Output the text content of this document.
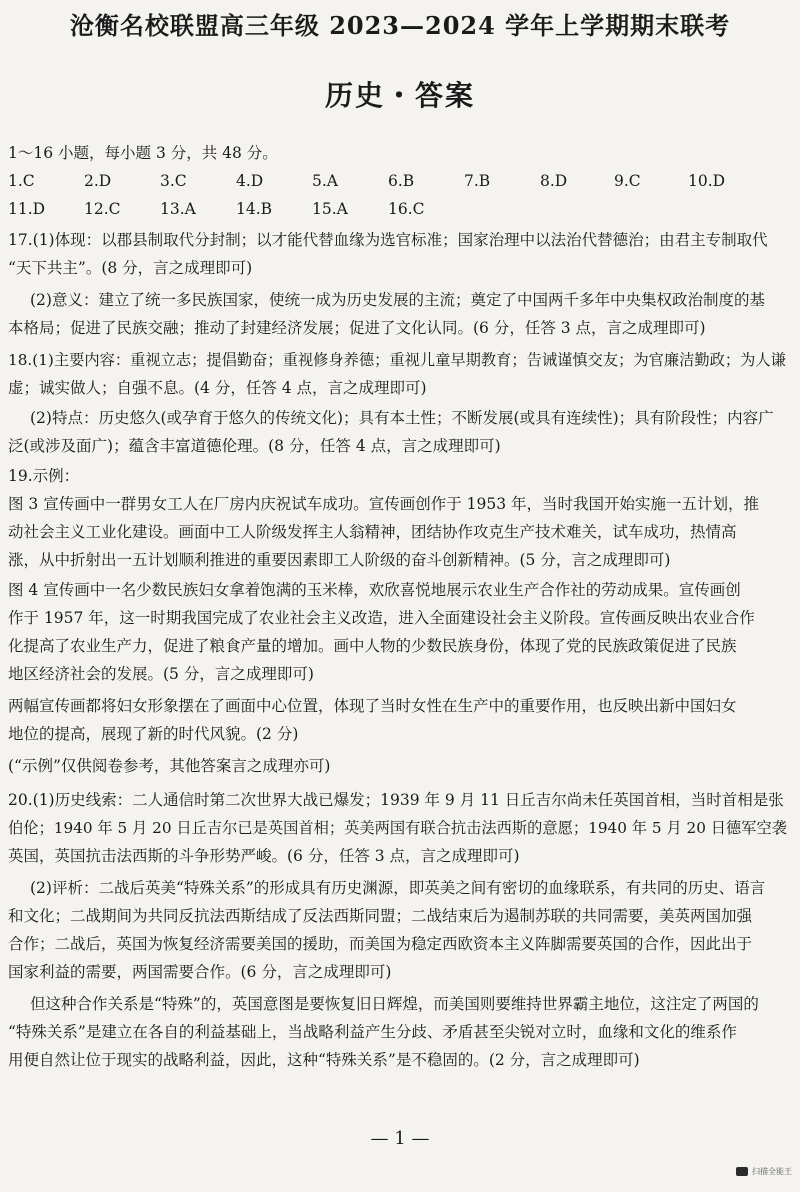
沧衡名校联盟高三年级 2023—2024 学年上学期期末联考
历史・答案
1～16 小题，每小题 3 分，共 48 分。
1.C	2.D	3.C	4.D	5.A	6.B	7.B	8.D	9.C	10.D
11.D	12.C	13.A	14.B	15.A	16.C
17.(1)体现：以郡县制取代分封制；以才能代替血缘为选官标准；国家治理中以法治代替德治；由君主专制取代
“天下共主”。(8 分，言之成理即可)
(2)意义：建立了统一多民族国家，使统一成为历史发展的主流；奠定了中国两千多年中央集权政治制度的基
本格局；促进了民族交融；推动了封建经济发展；促进了文化认同。(6 分，任答 3 点，言之成理即可)
18.(1)主要内容：重视立志；提倡勤奋；重视修身养德；重视儿童早期教育；告诫谨慎交友；为官廉洁勤政；为人谦
虚；诚实做人；自强不息。(4 分，任答 4 点，言之成理即可)
(2)特点：历史悠久(或孕育于悠久的传统文化)；具有本土性；不断发展(或具有连续性)；具有阶段性；内容广
泛(或涉及面广)；蕴含丰富道德伦理。(8 分，任答 4 点，言之成理即可)
19.示例：
图 3 宣传画中一群男女工人在厂房内庆祝试车成功。宣传画创作于 1953 年，当时我国开始实施一五计划，推
动社会主义工业化建设。画面中工人阶级发挥主人翁精神，团结协作攻克生产技术难关，试车成功，热情高
涨，从中折射出一五计划顺利推进的重要因素即工人阶级的奋斗创新精神。(5 分，言之成理即可)
图 4 宣传画中一名少数民族妇女拿着饱满的玉米棒，欢欣喜悦地展示农业生产合作社的劳动成果。宣传画创
作于 1957 年，这一时期我国完成了农业社会主义改造，进入全面建设社会主义阶段。宣传画反映出农业合作
化提高了农业生产力，促进了粮食产量的增加。画中人物的少数民族身份，体现了党的民族政策促进了民族
地区经济社会的发展。(5 分，言之成理即可)
两幅宣传画都将妇女形象摆在了画面中心位置，体现了当时女性在生产中的重要作用，也反映出新中国妇女
地位的提高，展现了新的时代风貌。(2 分)
(“示例”仅供阅卷参考，其他答案言之成理亦可)
20.(1)历史线索：二人通信时第二次世界大战已爆发；1939 年 9 月 11 日丘吉尔尚未任英国首相，当时首相是张
伯伦；1940 年 5 月 20 日丘吉尔已是英国首相；英美两国有联合抗击法西斯的意愿；1940 年 5 月 20 日德军空袭
英国，英国抗击法西斯的斗争形势严峻。(6 分，任答 3 点，言之成理即可)
(2)评析：二战后英美“特殊关系”的形成具有历史渊源，即英美之间有密切的血缘联系，有共同的历史、语言
和文化；二战期间为共同反抗法西斯结成了反法西斯同盟；二战结束后为遏制苏联的共同需要，美英两国加强
合作；二战后，英国为恢复经济需要美国的援助，而美国为稳定西欧资本主义阵脚需要英国的合作，因此出于
国家利益的需要，两国需要合作。(6 分，言之成理即可)
但这种合作关系是“特殊”的，英国意图是要恢复旧日辉煌，而美国则要维持世界霸主地位，这注定了两国的
“特殊关系”是建立在各自的利益基础上，当战略利益产生分歧、矛盾甚至尖锐对立时，血缘和文化的维系作
用便自然让位于现实的战略利益，因此，这种“特殊关系”是不稳固的。(2 分，言之成理即可)
— 1 —
扫描全能王
